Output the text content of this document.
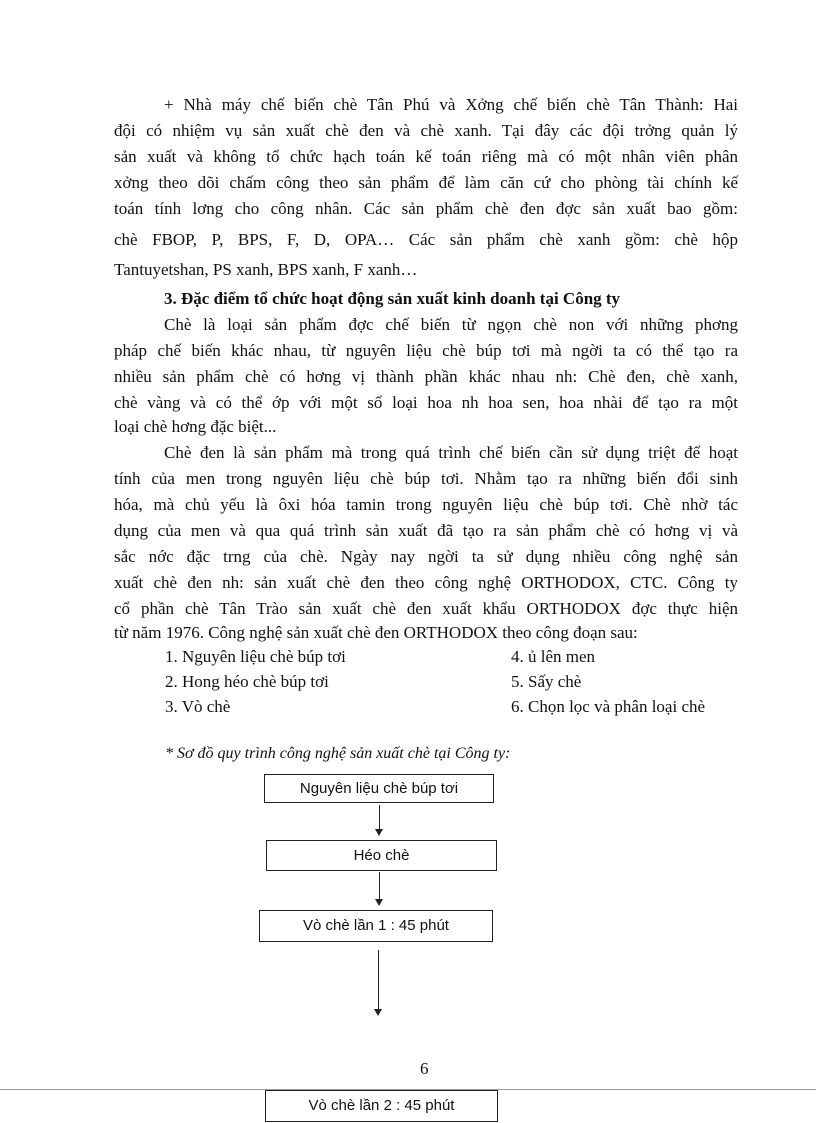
+ Nhà máy chế biến chè Tân Phú và Xởng chế biến chè Tân Thành: Hai
đội có nhiệm vụ sản xuất chè đen và chè xanh. Tại đây các đội trởng quản lý
sản xuất và không tổ chức hạch toán kế toán riêng mà có một nhân viên phân
xởng theo dõi chấm công theo sản phẩm để làm căn cứ cho phòng tài chính kế
toán tính lơng cho công nhân. Các sản phẩm chè đen đợc sản xuất bao gồm:
chè FBOP, P, BPS, F, D, OPA… Các sản phẩm chè xanh gồm: chè hộp
Tantuyetshan, PS xanh, BPS xanh, F xanh…
3. Đặc điểm tổ chức hoạt động sản xuất kinh doanh tại Công ty
Chè là loại sản phẩm đợc chế biến từ ngọn chè non với những phơng
pháp chế biến khác nhau, từ nguyên liệu chè búp tơi mà ngời ta có thể tạo ra
nhiều sản phẩm chè có hơng vị thành phần khác nhau nh: Chè đen, chè xanh,
chè vàng và có thể ớp với một số loại hoa nh hoa sen, hoa nhài để tạo ra một
loại chè hơng đặc biệt...
Chè đen là sản phẩm mà trong quá trình chế biến cần sử dụng triệt để hoạt
tính của men trong nguyên liệu chè búp tơi. Nhằm tạo ra những biến đổi sinh
hóa, mà chủ yếu là ôxi hóa tamin trong nguyên liệu chè búp tơi. Chè nhờ tác
dụng của men và qua quá trình sản xuất đã tạo ra sản phẩm chè có hơng vị và
sắc nớc đặc trng của chè. Ngày nay ngời ta sử dụng nhiều công nghệ sản
xuất chè đen nh: sản xuất chè đen theo công nghệ ORTHODOX, CTC. Công ty
cổ phần chè Tân Trào sản xuất chè đen xuất khẩu ORTHODOX đợc thực hiện
từ năm 1976. Công nghệ sản xuất chè đen ORTHODOX theo công đoạn sau:
1. Nguyên liệu chè búp tơi
2. Hong héo chè búp tơi
3. Vò chè
4. ủ lên men
5. Sấy chè
6. Chọn lọc và phân loại chè
* Sơ đồ quy trình công nghệ sản xuất chè tại Công ty:
Nguyên liệu chè búp tơi
Héo chè
Vò chè lần 1 : 45 phút
6
Vò chè lần 2 : 45 phút
